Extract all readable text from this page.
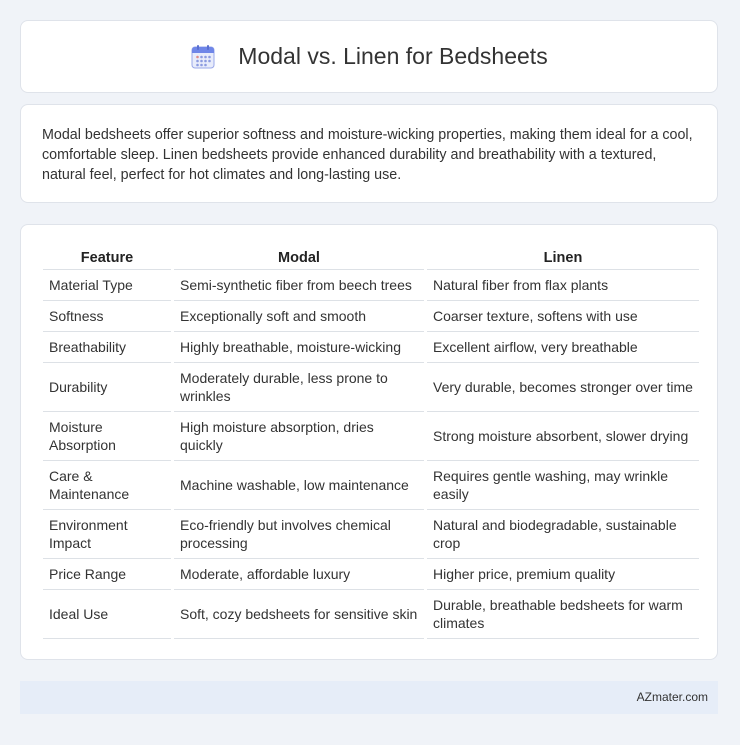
Modal vs. Linen for Bedsheets

Modal bedsheets offer superior softness and moisture-wicking properties, making them ideal for a cool, comfortable sleep. Linen bedsheets provide enhanced durability and breathability with a textured, natural feel, perfect for hot climates and long-lasting use.

Feature	Modal	Linen
Material Type	Semi-synthetic fiber from beech trees	Natural fiber from flax plants
Softness	Exceptionally soft and smooth	Coarser texture, softens with use
Breathability	Highly breathable, moisture-wicking	Excellent airflow, very breathable
Durability	Moderately durable, less prone to wrinkles	Very durable, becomes stronger over time
Moisture Absorption	High moisture absorption, dries quickly	Strong moisture absorbent, slower drying
Care & Maintenance	Machine washable, low maintenance	Requires gentle washing, may wrinkle easily
Environment Impact	Eco-friendly but involves chemical processing	Natural and biodegradable, sustainable crop
Price Range	Moderate, affordable luxury	Higher price, premium quality
Ideal Use	Soft, cozy bedsheets for sensitive skin	Durable, breathable bedsheets for warm climates
AZmater.com
